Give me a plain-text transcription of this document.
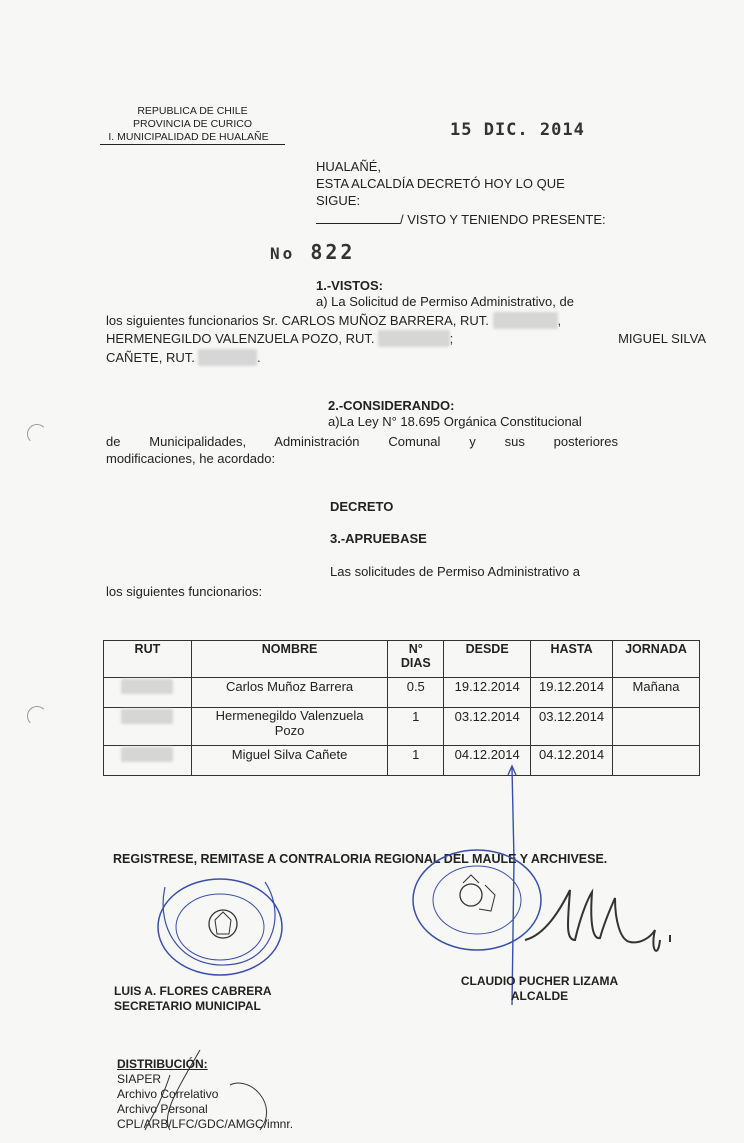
REPUBLICA DE CHILE
PROVINCIA DE CURICO
I. MUNICIPALIDAD DE HUALAÑE	15 DIC. 2014
HUALAÑÉ,
ESTA ALCALDÍA DECRETÓ HOY LO QUE
SIGUE:
/ VISTO Y TENIENDO PRESENTE:
No 822
1.-VISTOS:
a) La Solicitud de Permiso Administrativo, de
los siguientes funcionarios Sr. CARLOS MUÑOZ BARRERA, RUT.	,
HERMENEGILDO VALENZUELA POZO, RUT.	;	MIGUEL SILVA
CAÑETE, RUT.	.
2.-CONSIDERANDO:
a)La Ley N° 18.695 Orgánica Constitucional
de Municipalidades, Administración Comunal y sus posteriores
modificaciones, he acordado:
DECRETO
3.-APRUEBASE
Las solicitudes de Permiso Administrativo a
los siguientes funcionarios:
RUT	NOMBRE	N° DIAS	DESDE	HASTA	JORNADA
	Carlos Muñoz Barrera	0.5	19.12.2014	19.12.2014	Mañana
	Hermenegildo Valenzuela Pozo	1	03.12.2014	03.12.2014	
	Miguel Silva Cañete	1	04.12.2014	04.12.2014	
REGISTRESE, REMITASE A CONTRALORIA REGIONAL DEL MAULE Y ARCHIVESE.
LUIS A. FLORES CABRERA
SECRETARIO MUNICIPAL
CLAUDIO PUCHER LIZAMA
ALCALDE
DISTRIBUCIÓN:
SIAPER
Archivo Correlativo
Archivo Personal
CPL/ARB/LFC/GDC/AMGC/imnr.
